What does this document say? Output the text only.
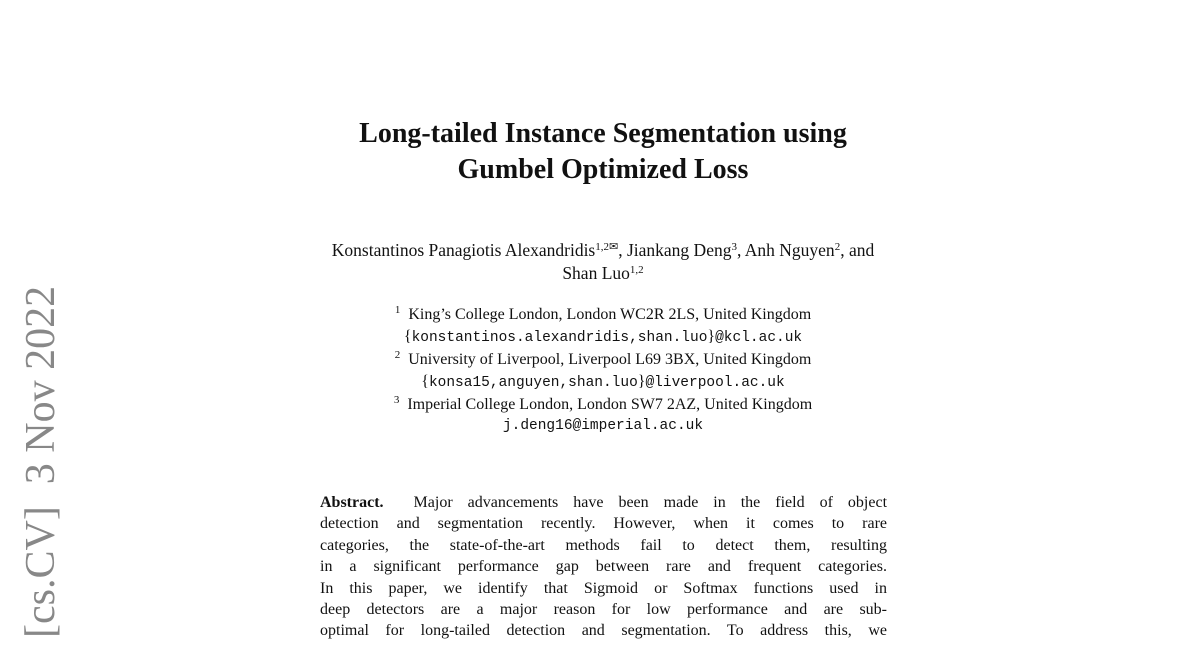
[cs.CV]3 Nov 2022
Long-tailed Instance Segmentation using
Gumbel Optimized Loss
Konstantinos Panagiotis Alexandridis$^{1,2✉}$, Jiankang Deng$^3$, Anh Nguyen$^2$, and
Shan Luo$^{1,2}$
$^1$ King’s College London, London WC2R 2LS, United Kingdom
{konstantinos.alexandridis,shan.luo}@kcl.ac.uk
$^2$ University of Liverpool, Liverpool L69 3BX, United Kingdom
{konsa15,anguyen,shan.luo}@liverpool.ac.uk
$^3$ Imperial College London, London SW7 2AZ, United Kingdom
j.deng16@imperial.ac.uk
Abstract. Major advancements have been made in the field of object
detection and segmentation recently. However, when it comes to rare
categories, the state-of-the-art methods fail to detect them, resulting
in a significant performance gap between rare and frequent categories.
In this paper, we identify that Sigmoid or Softmax functions used in
deep detectors are a major reason for low performance and are sub-
optimal for long-tailed detection and segmentation. To address this, we
